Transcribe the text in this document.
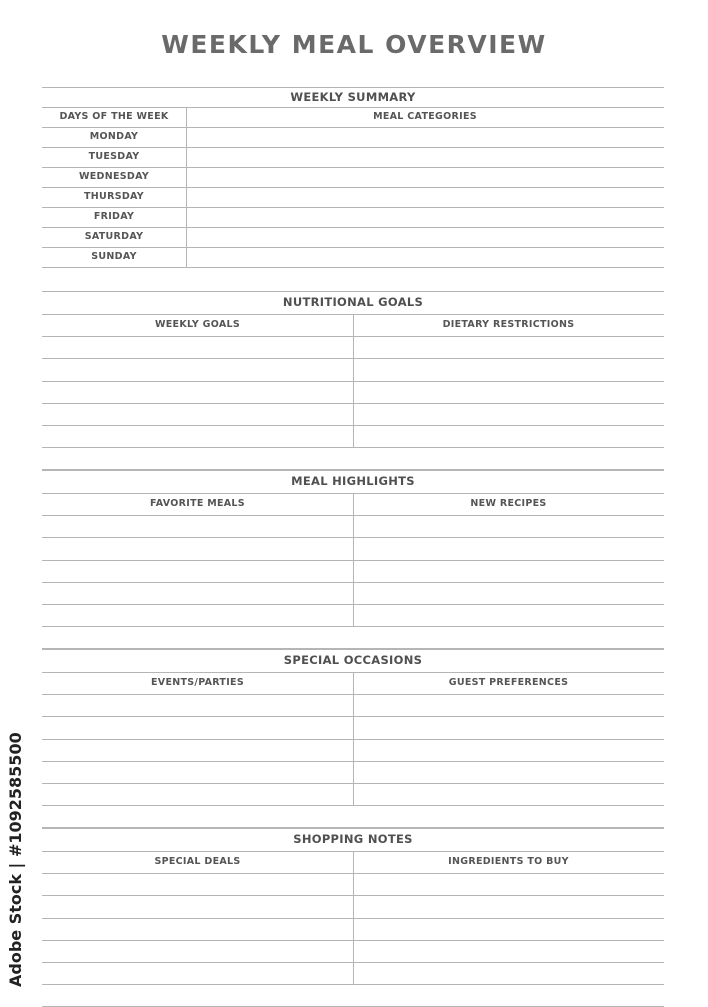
WEEKLY MEAL OVERVIEW
WEEKLY SUMMARY
DAYS OF THE WEEK	MEAL CATEGORIES
MONDAY
TUESDAY
WEDNESDAY
THURSDAY
FRIDAY
SATURDAY
SUNDAY
NUTRITIONAL GOALS
WEEKLY GOALS	DIETARY RESTRICTIONS
MEAL HIGHLIGHTS
FAVORITE MEALS	NEW RECIPES
SPECIAL OCCASIONS
EVENTS/PARTIES	GUEST PREFERENCES
SHOPPING NOTES
SPECIAL DEALS	INGREDIENTS TO BUY
Adobe Stock | #1092585500
